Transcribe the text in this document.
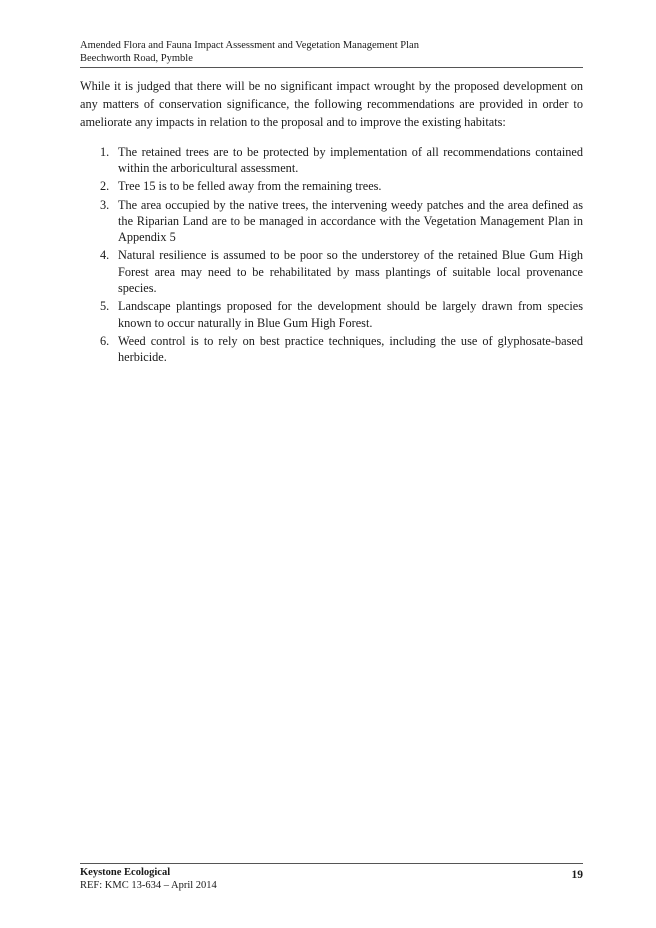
Amended Flora and Fauna Impact Assessment and Vegetation Management Plan
Beechworth Road, Pymble

While it is judged that there will be no significant impact wrought by the proposed development on any matters of conservation significance, the following recommendations are provided in order to ameliorate any impacts in relation to the proposal and to improve the existing habitats:

1. The retained trees are to be protected by implementation of all recommendations contained within the arboricultural assessment.
2. Tree 15 is to be felled away from the remaining trees.
3. The area occupied by the native trees, the intervening weedy patches and the area defined as the Riparian Land are to be managed in accordance with the Vegetation Management Plan in Appendix 5
4. Natural resilience is assumed to be poor so the understorey of the retained Blue Gum High Forest area may need to be rehabilitated by mass plantings of suitable local provenance species.
5. Landscape plantings proposed for the development should be largely drawn from species known to occur naturally in Blue Gum High Forest.
6. Weed control is to rely on best practice techniques, including the use of glyphosate-based herbicide.
Keystone Ecological
REF: KMC 13-634 – April 2014
19
